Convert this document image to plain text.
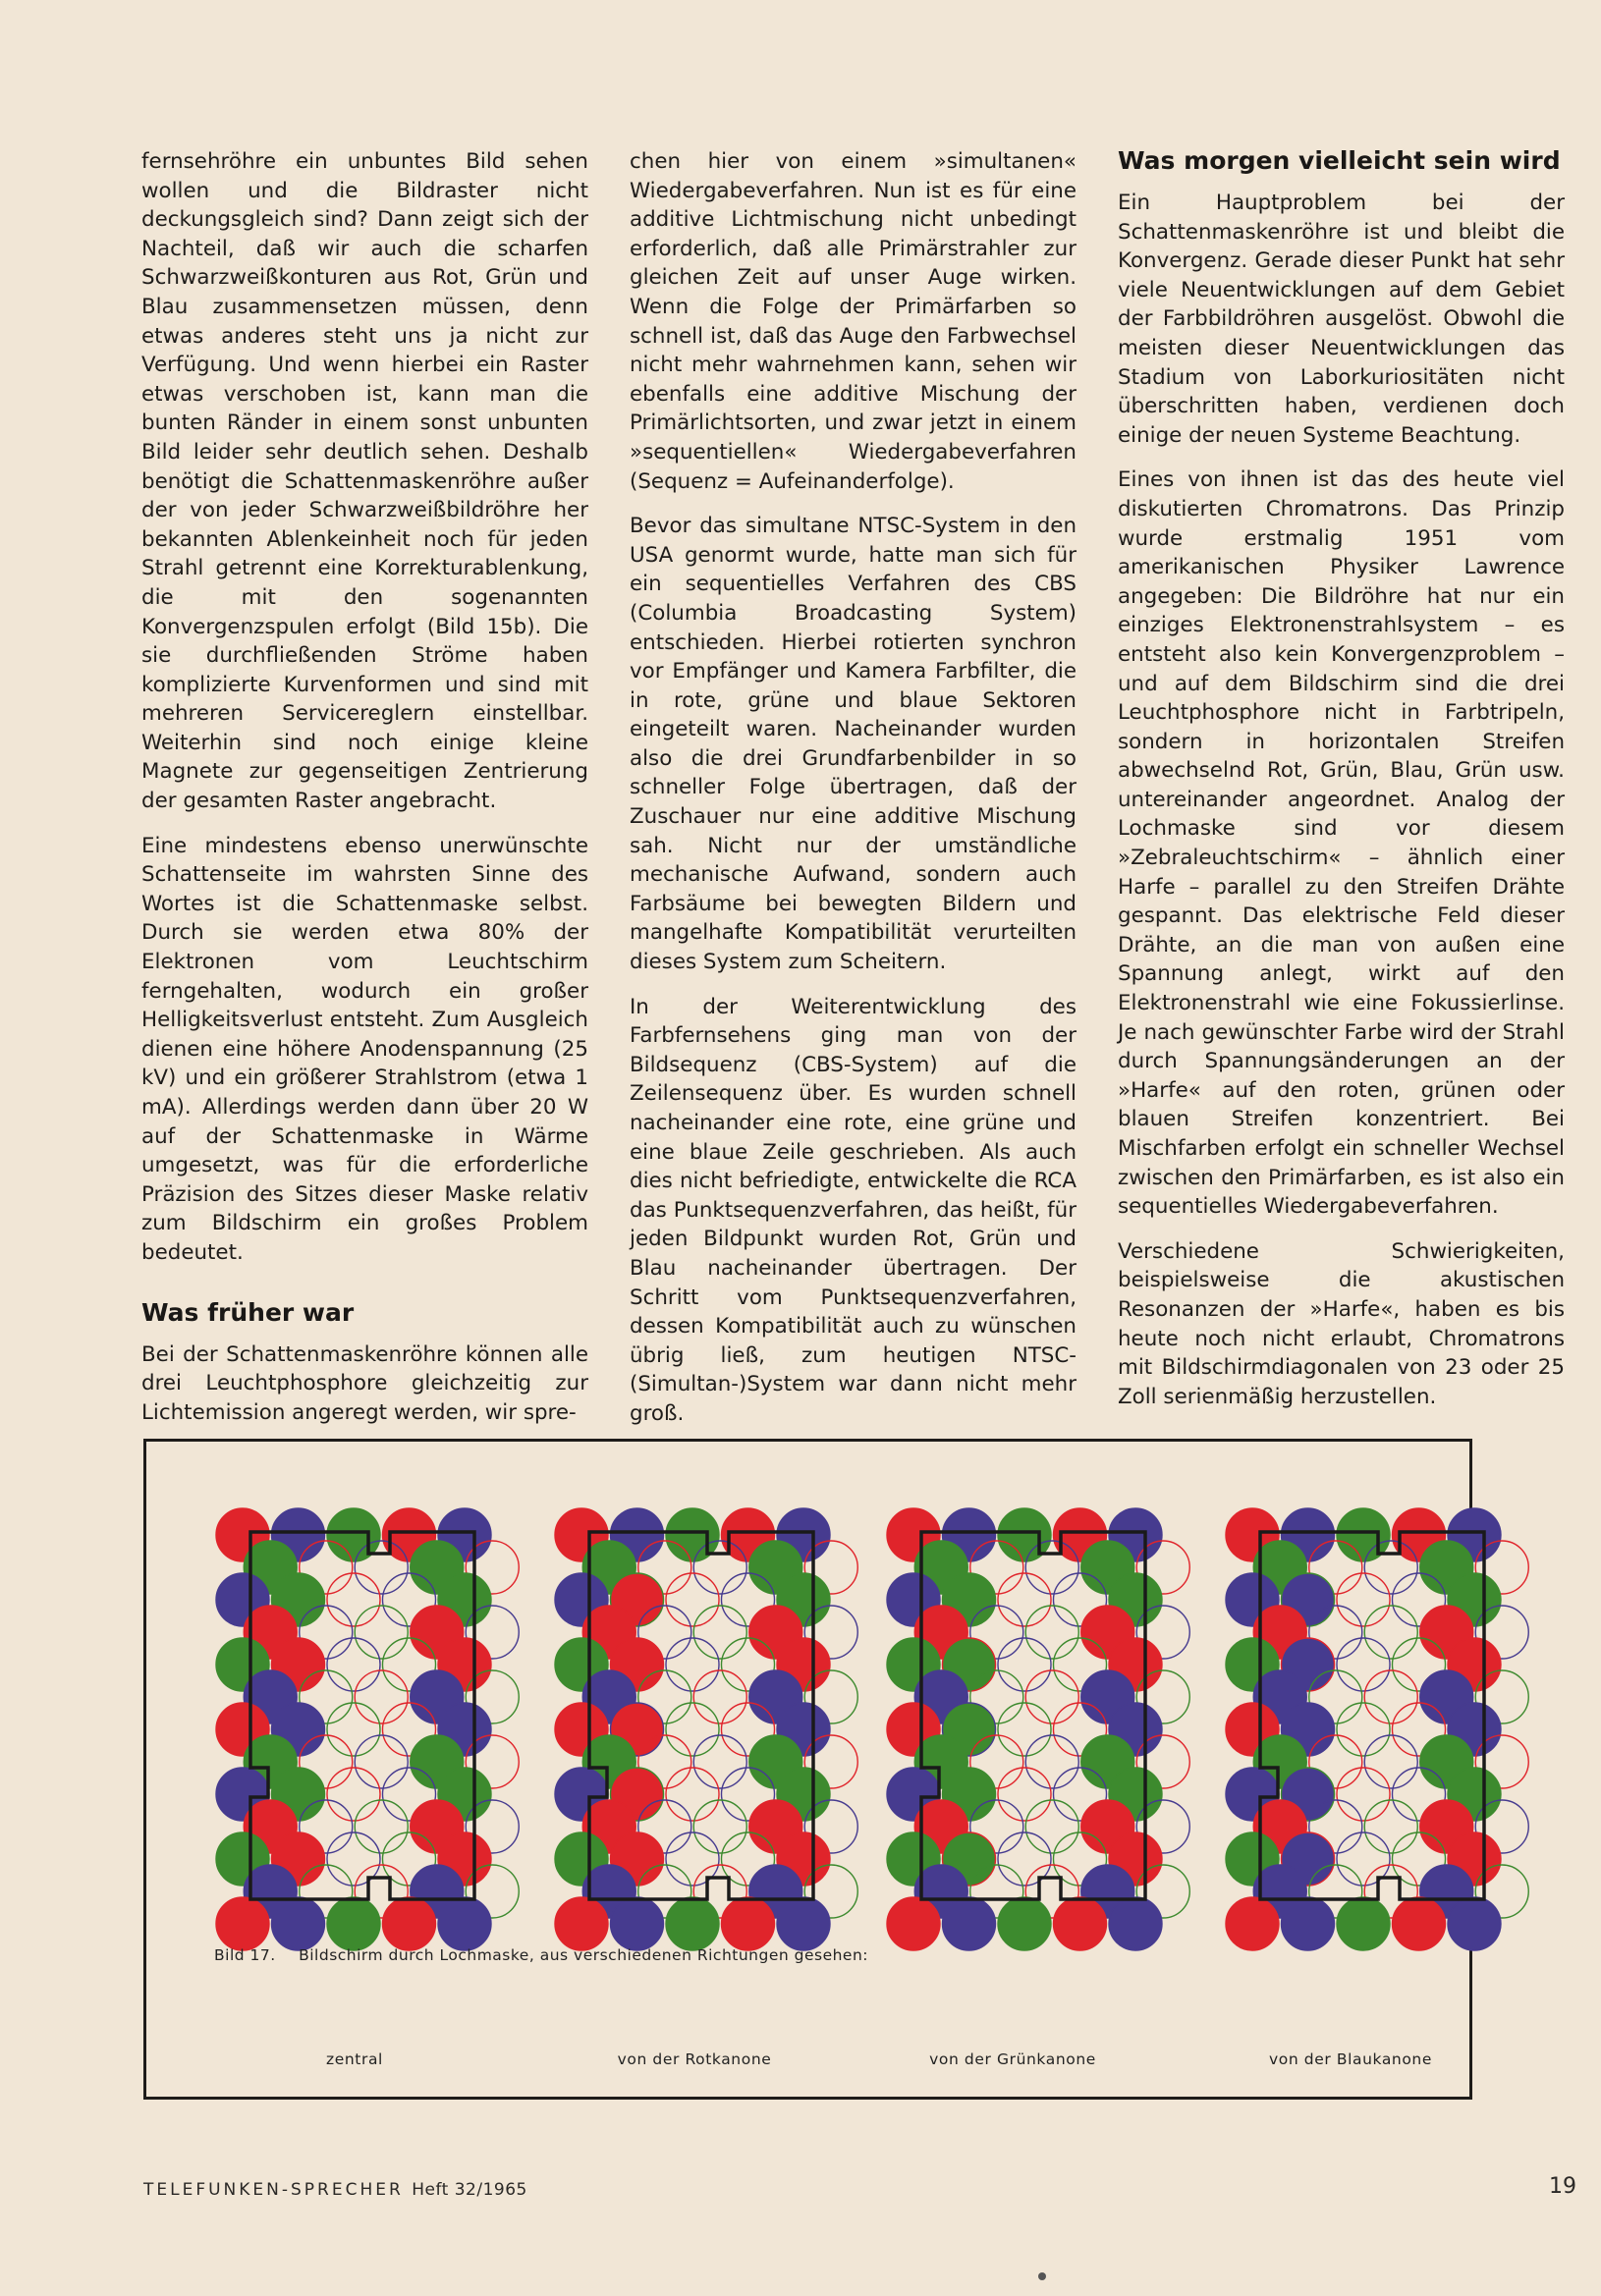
fernsehröhre ein unbuntes Bild sehen wollen und die Bildraster nicht deckungsgleich sind? Dann zeigt sich der Nachteil, daß wir auch die scharfen Schwarzweißkonturen aus Rot, Grün und Blau zusammensetzen müssen, denn etwas anderes steht uns ja nicht zur Verfügung. Und wenn hierbei ein Raster etwas verschoben ist, kann man die bunten Ränder in einem sonst unbunten Bild leider sehr deutlich sehen. Deshalb benötigt die Schattenmaskenröhre außer der von jeder Schwarzweißbildröhre her bekannten Ablenkeinheit noch für jeden Strahl getrennt eine Korrekturablenkung, die mit den sogenannten Konvergenzspulen erfolgt (Bild 15b). Die sie durchfließenden Ströme haben komplizierte Kurvenformen und sind mit mehreren Servicereglern einstellbar. Weiterhin sind noch einige kleine Magnete zur gegenseitigen Zentrierung der gesamten Raster angebracht.

Eine mindestens ebenso unerwünschte Schattenseite im wahrsten Sinne des Wortes ist die Schattenmaske selbst. Durch sie werden etwa 80% der Elektronen vom Leuchtschirm ferngehalten, wodurch ein großer Helligkeitsverlust entsteht. Zum Ausgleich dienen eine höhere Anodenspannung (25 kV) und ein größerer Strahlstrom (etwa 1 mA). Allerdings werden dann über 20 W auf der Schattenmaske in Wärme umgesetzt, was für die erforderliche Präzision des Sitzes dieser Maske relativ zum Bildschirm ein großes Problem bedeutet.

Was früher war

Bei der Schattenmaskenröhre können alle drei Leuchtphosphore gleichzeitig zur Lichtemission angeregt werden, wir spre-

chen hier von einem »simultanen« Wiedergabeverfahren. Nun ist es für eine additive Lichtmischung nicht unbedingt erforderlich, daß alle Primärstrahler zur gleichen Zeit auf unser Auge wirken. Wenn die Folge der Primärfarben so schnell ist, daß das Auge den Farbwechsel nicht mehr wahrnehmen kann, sehen wir ebenfalls eine additive Mischung der Primärlichtsorten, und zwar jetzt in einem »sequentiellen« Wiedergabeverfahren (Sequenz = Aufeinanderfolge).

Bevor das simultane NTSC-System in den USA genormt wurde, hatte man sich für ein sequentielles Verfahren des CBS (Columbia Broadcasting System) entschieden. Hierbei rotierten synchron vor Empfänger und Kamera Farbfilter, die in rote, grüne und blaue Sektoren eingeteilt waren. Nacheinander wurden also die drei Grundfarbenbilder in so schneller Folge übertragen, daß der Zuschauer nur eine additive Mischung sah. Nicht nur der umständliche mechanische Aufwand, sondern auch Farbsäume bei bewegten Bildern und mangelhafte Kompatibilität verurteilten dieses System zum Scheitern.

In der Weiterentwicklung des Farbfernsehens ging man von der Bildsequenz (CBS-System) auf die Zeilensequenz über. Es wurden schnell nacheinander eine rote, eine grüne und eine blaue Zeile geschrieben. Als auch dies nicht befriedigte, entwickelte die RCA das Punktsequenzverfahren, das heißt, für jeden Bildpunkt wurden Rot, Grün und Blau nacheinander übertragen. Der Schritt vom Punktsequenzverfahren, dessen Kompatibilität auch zu wünschen übrig ließ, zum heutigen NTSC-(Simultan-)System war dann nicht mehr groß.

Was morgen vielleicht sein wird

Ein Hauptproblem bei der Schattenmaskenröhre ist und bleibt die Konvergenz. Gerade dieser Punkt hat sehr viele Neuentwicklungen auf dem Gebiet der Farbbildröhren ausgelöst. Obwohl die meisten dieser Neuentwicklungen das Stadium von Laborkuriositäten nicht überschritten haben, verdienen doch einige der neuen Systeme Beachtung.

Eines von ihnen ist das des heute viel diskutierten Chromatrons. Das Prinzip wurde erstmalig 1951 vom amerikanischen Physiker Lawrence angegeben: Die Bildröhre hat nur ein einziges Elektronenstrahlsystem – es entsteht also kein Konvergenzproblem – und auf dem Bildschirm sind die drei Leuchtphosphore nicht in Farbtripeln, sondern in horizontalen Streifen abwechselnd Rot, Grün, Blau, Grün usw. untereinander angeordnet. Analog der Lochmaske sind vor diesem »Zebraleuchtschirm« – ähnlich einer Harfe – parallel zu den Streifen Drähte gespannt. Das elektrische Feld dieser Drähte, an die man von außen eine Spannung anlegt, wirkt auf den Elektronenstrahl wie eine Fokussierlinse. Je nach gewünschter Farbe wird der Strahl durch Spannungsänderungen an der »Harfe« auf den roten, grünen oder blauen Streifen konzentriert. Bei Mischfarben erfolgt ein schneller Wechsel zwischen den Primärfarben, es ist also ein sequentielles Wiedergabeverfahren.

Verschiedene Schwierigkeiten, beispielsweise die akustischen Resonanzen der »Harfe«, haben es bis heute noch nicht erlaubt, Chromatrons mit Bildschirmdiagonalen von 23 oder 25 Zoll serienmäßig herzustellen.

Bild 17. Bildschirm durch Lochmaske, aus verschiedenen Richtungen gesehen:
zentral	von der Rotkanone	von der Grünkanone	von der Blaukanone
TELEFUNKEN-SPRECHER Heft 32/1965	19
